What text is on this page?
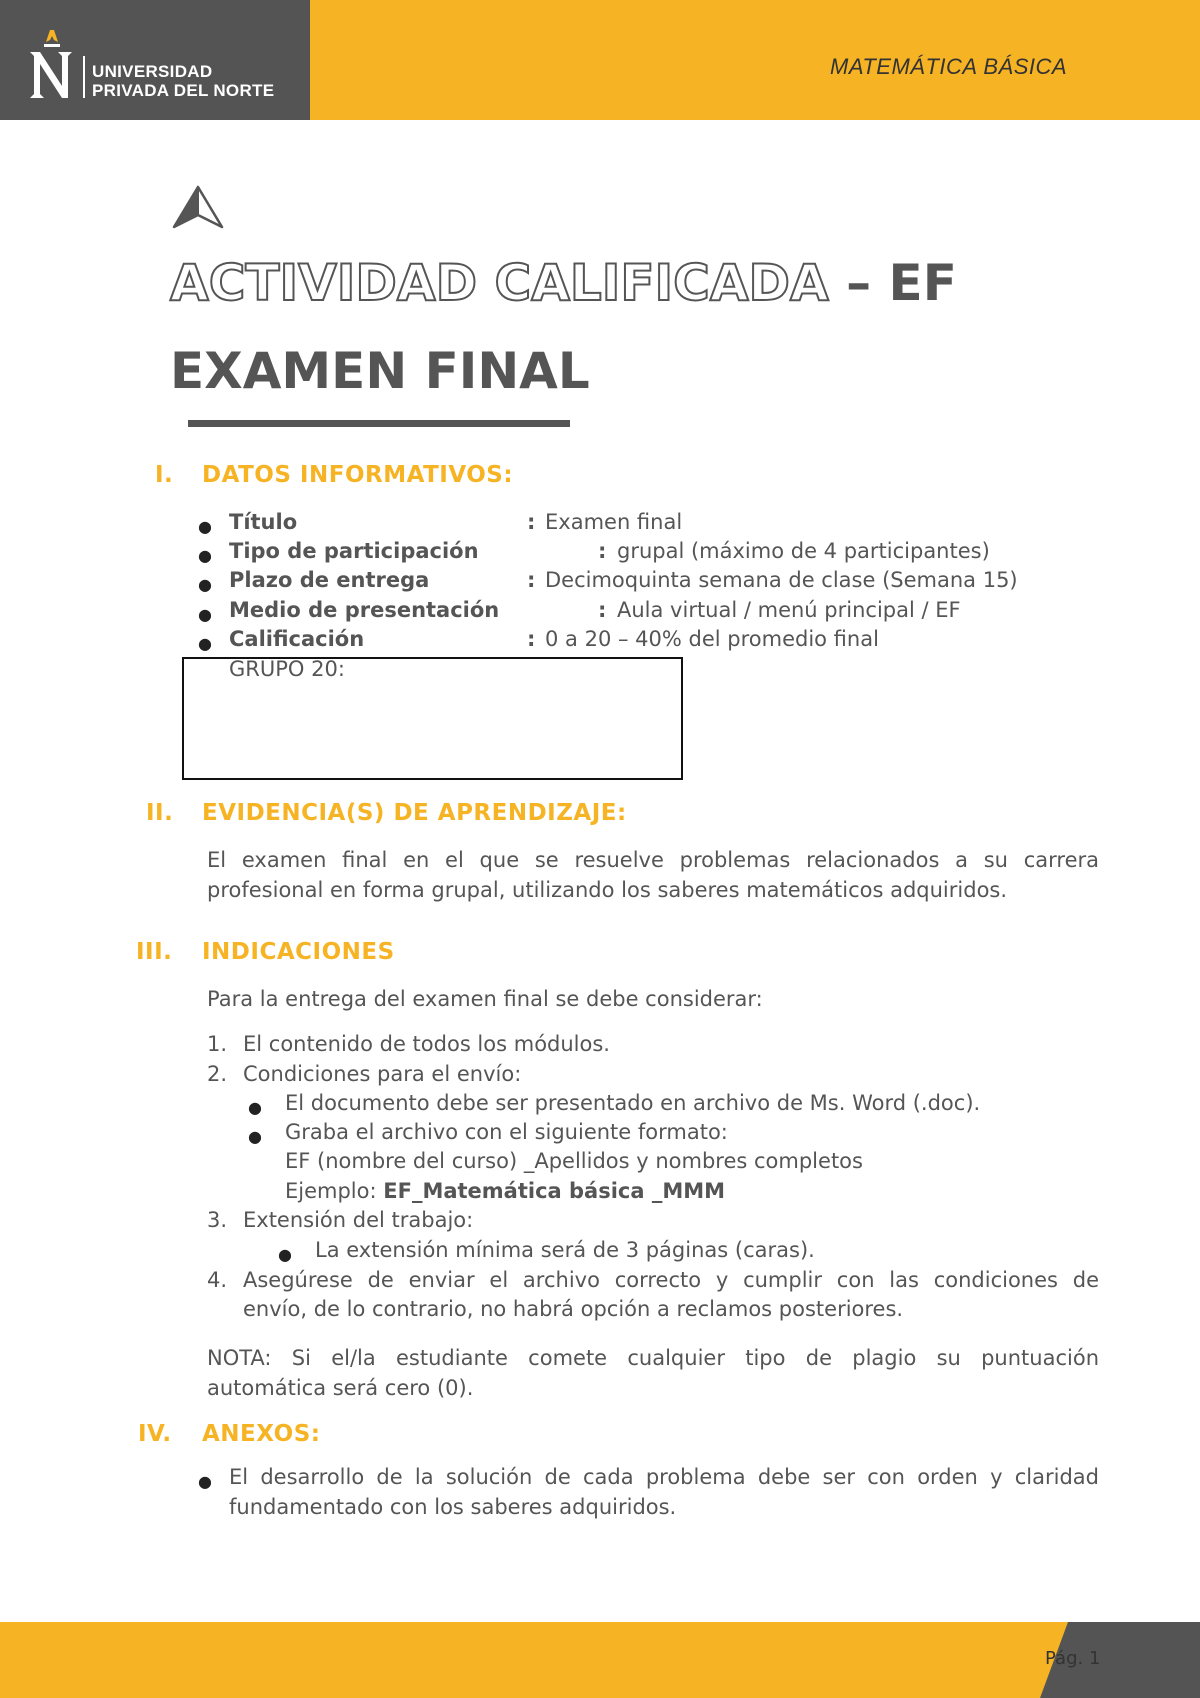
UNIVERSIDAD
PRIVADA DEL NORTE
MATEMÁTICA BÁSICA
ACTIVIDAD CALIFICADA – EF
EXAMEN FINAL
I. DATOS INFORMATIVOS:
● Título	: Examen final
● Tipo de participación	: grupal (máximo de 4 participantes)
● Plazo de entrega	: Decimoquinta semana de clase (Semana 15)
● Medio de presentación	: Aula virtual / menú principal / EF
● Calificación	: 0 a 20 – 40% del promedio final
GRUPO 20:
II. EVIDENCIA(S) DE APRENDIZAJE:
El examen final en el que se resuelve problemas relacionados a su carrera
profesional en forma grupal, utilizando los saberes matemáticos adquiridos.
III. INDICACIONES
Para la entrega del examen final se debe considerar:
1. El contenido de todos los módulos.
2. Condiciones para el envío:
● El documento debe ser presentado en archivo de Ms. Word (.doc).
● Graba el archivo con el siguiente formato:
EF (nombre del curso) _Apellidos y nombres completos
Ejemplo: EF_Matemática básica _MMM
3. Extensión del trabajo:
● La extensión mínima será de 3 páginas (caras).
4. Asegúrese de enviar el archivo correcto y cumplir con las condiciones de
envío, de lo contrario, no habrá opción a reclamos posteriores.
NOTA: Si el/la estudiante comete cualquier tipo de plagio su puntuación
automática será cero (0).
IV. ANEXOS:
● El desarrollo de la solución de cada problema debe ser con orden y claridad
fundamentado con los saberes adquiridos.
Pág. 1
